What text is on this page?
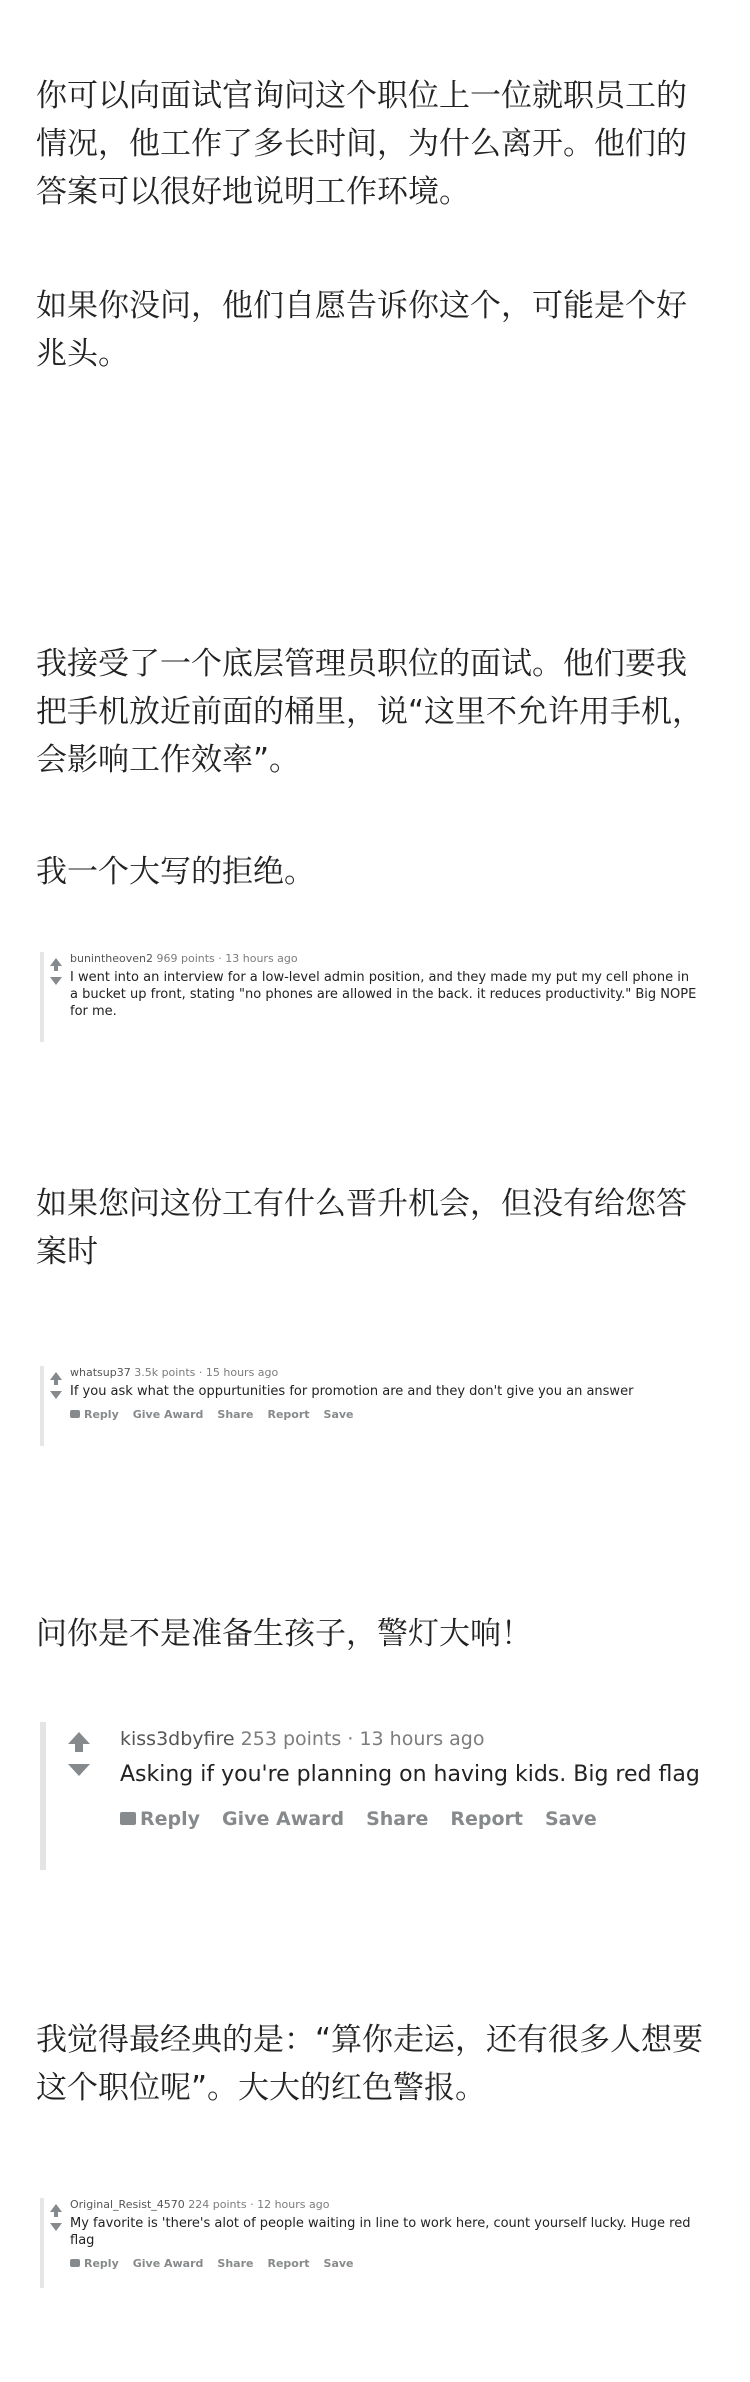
你可以向面试官询问这个职位上一位就职员工的情况，他工作了多长时间，为什么离开。他们的答案可以很好地说明工作环境。

如果你没问，他们自愿告诉你这个，可能是个好兆头。

我接受了一个底层管理员职位的面试。他们要我把手机放近前面的桶里，说“这里不允许用手机，会影响工作效率”。

我一个大写的拒绝。

bunintheoven2 969 points · 13 hours ago
I went into an interview for a low-level admin position, and they made my put my cell phone in a bucket up front, stating "no phones are allowed in the back. it reduces productivity." Big NOPE for me.

如果您问这份工有什么晋升机会，但没有给您答案时

whatsup37 3.5k points · 15 hours ago
If you ask what the oppurtunities for promotion are and they don't give you an answer
Reply Give Award Share Report Save

问你是不是准备生孩子，警灯大响！

kiss3dbyfire 253 points · 13 hours ago
Asking if you're planning on having kids. Big red flag
Reply Give Award Share Report Save

我觉得最经典的是：“算你走运，还有很多人想要这个职位呢”。大大的红色警报。

Original_Resist_4570 224 points · 12 hours ago
My favorite is 'there's alot of people waiting in line to work here, count yourself lucky. Huge red flag
Reply Give Award Share Report Save
